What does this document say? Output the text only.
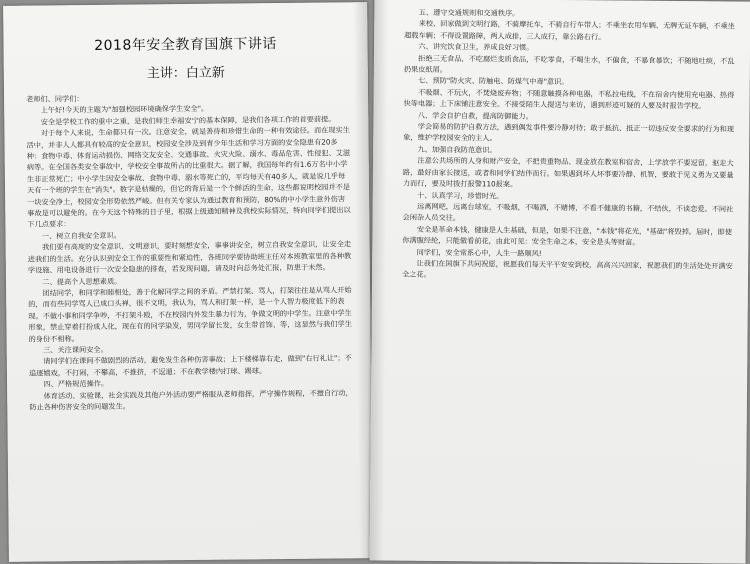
2018年安全教育国旗下讲话
主讲：白立新

老师们、同学们：

上午好!今天的主题为"加强校园环境确保学生安全"。

安全是学校工作的重中之重，是我们师生幸福安宁的基本保障，是我们各项工作的首要前提。

对于每个人来说，生命都只有一次。注意安全，就是善待和珍惜生命的一种有效途径。而在现实生活中，并非人人都具有较高的安全意识，校园安全涉及到青少年生活和学习方面的安全隐患有20多种：食物中毒、体育运动损伤、网络交友安全、交通事故、火灾火险、溺水、毒品危害、性侵犯、艾滋病等。在全国各类安全事故中，学校安全事故所占的比重很大。据了解，我国每年约有1.6万名中小学生非正常死亡；中小学生因安全事故、食物中毒、溺水等死亡的，平均每天有40多人，就是说几乎每天有一个班的学生在"消失"。数字是枯燥的，但它的背后是一个个鲜活的生命，这些都说明校园并不是一块安全净土，校园安全形势依然严峻。但有关专家认为通过教育和预防，80%的中小学生意外伤害事故是可以避免的。在今天这个特殊的日子里，根据上级通知精神及我校实际情况，特向同学们提出以下几点要求：

一、树立自我安全意识。

我们要有高度的安全意识、文明意识，要时刻想安全，事事讲安全，树立自我安全意识，让安全走进我们的生活。充分认识到安全工作的重要性和紧迫性，各班同学要协助班主任对本班教室里的各种教学设施、用电设备进行一次安全隐患的排查，若发现问题，请及时向总务处汇报，防患于未然。

二、提高个人思想素质。

团结同学，和同学和睦相处，善于化解同学之间的矛盾。严禁打架、骂人，打架往往是从骂人开始的，而有些同学骂人已成口头禅，很不文明，我认为，骂人和打架一样，是一个人智力极度低下的表现。不做小事和同学争吵，不打架斗殴，不在校园内外发生暴力行为，争做文明的中学生。注意中学生形象，禁止穿着打扮成人化，现在有的同学染发，男同学留长发，女生带首饰、等，这显然与我们学生的身份不相称。

三、关注课间安全。

请同学们在课间不做剧烈的活动，避免发生各种伤害事故；上下楼梯靠右走，做到"右行礼让"；不追逐嬉戏，不打闹，不攀高，不推挤，不逗遛；不在教学楼内打球、踢球。

四、严格规范操作。

体育活动、实验课，社会实践及其他户外活动要严格服从老师指挥，严守操作规程，不擅自行动，防止各种伤害安全的问题发生。

五、遵守交通规则和交通秩序。

来校、回家做到文明行路，不骑摩托车，不骑自行车带人；不乘坐农用车辆、无牌无证车辆，不乘坐超载车辆；不得设置路障，两人成排，三人成行，靠公路右行。

六、讲究饮食卫生，养成良好习惯。

拒绝三无食品，不吃腐烂变质食品，不吃零食，不喝生水，不偏食，不暴食暴饮；不随地吐痰，不乱扔果皮纸屑。

七、预防"防火灾、防触电、防煤气中毒"意识。

不吸烟、不玩火，不焚烧废弃物；不随意触摸各种电器，不私拉电线，不在宿舍内使用充电器、热得快等电器；上下床铺注意安全。不接受陌生人提送与来访，遇到形迹可疑的人要及时报告学校。

八、学会自护自救，提高防御能力。

学会简易的防护自救方法，遇到偶发事件要冷静对待；敢于抵抗、抵正一切违反安全要求的行为和现象，维护学校园安全的主人。

九、加强自我防范意识。

注意公共场所的人身和财产安全，不把贵重物品、现金放在教室和宿舍，上学放学不要逗留，驱走大路，最好由家长接送，或者和同学们结伴而行。如果遇到坏人坏事要冷静、机智，要敢于见义勇为又要量力而行，要及时拨打报警110报案。

十、认真学习，珍惜时光。

远离网吧，远离台球室，不吸烟，不喝酒，不赌博，不看不健康的书籍，不结伙，不谈恋爱。不同社会闲杂人员交往。

安全是革命本钱，健康是人生基础，但是，如果不注意，"本钱"将花光，"基础"将毁掉。届时，即使你满腹经纶，只能做看前花，由此可见：安全生命之本，安全是头等财富。

同学们，安全常系心中，人生一路顺风!

让我们在国旗下共同祝愿，祝愿我们每天平平安安到校，高高兴兴回家，祝愿我们的生活处处开满安全之花。
